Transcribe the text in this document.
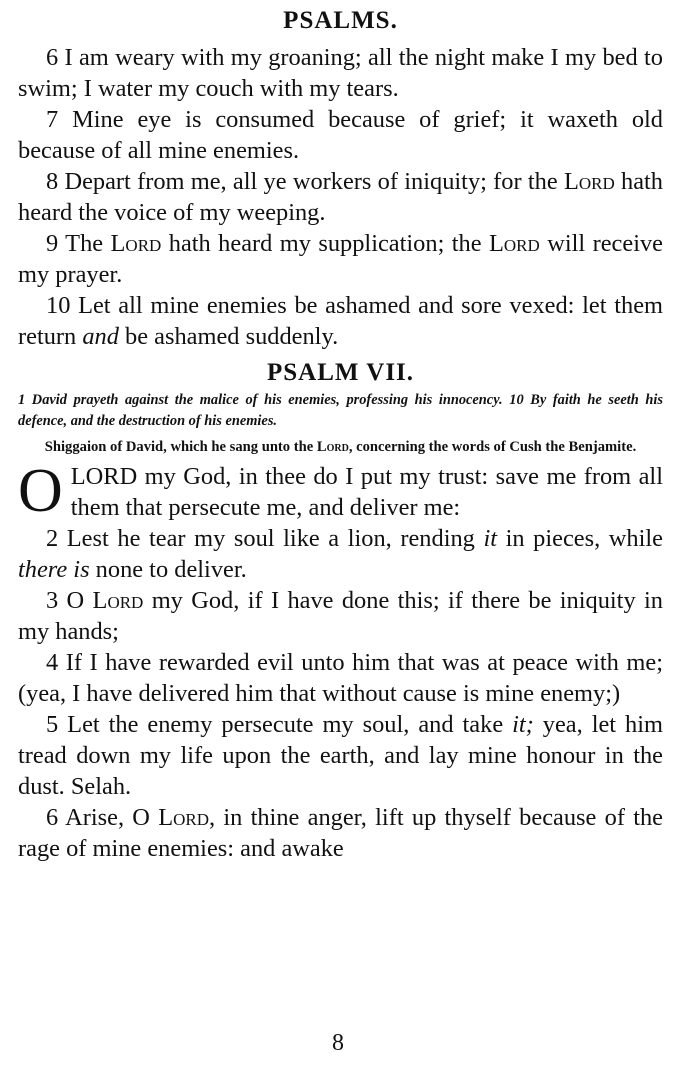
PSALMS.

6 I am weary with my groaning; all the night make I my bed to swim; I water my couch with my tears.

7 Mine eye is consumed because of grief; it waxeth old because of all mine enemies.

8 Depart from me, all ye workers of iniquity; for the Lord hath heard the voice of my weeping.

9 The Lord hath heard my supplication; the Lord will receive my prayer.

10 Let all mine enemies be ashamed and sore vexed: let them return and be ashamed suddenly.

PSALM VII.

1 David prayeth against the malice of his enemies, professing his innocency. 10 By faith he seeth his defence, and the destruction of his enemies.

Shiggaion of David, which he sang unto the Lord, concerning the words of Cush the Benjamite.

O LORD my God, in thee do I put my trust: save me from all them that persecute me, and deliver me:

2 Lest he tear my soul like a lion, rending it in pieces, while there is none to deliver.

3 O Lord my God, if I have done this; if there be iniquity in my hands;

4 If I have rewarded evil unto him that was at peace with me; (yea, I have delivered him that without cause is mine enemy;)

5 Let the enemy persecute my soul, and take it; yea, let him tread down my life upon the earth, and lay mine honour in the dust. Selah.

6 Arise, O Lord, in thine anger, lift up thyself because of the rage of mine enemies: and awake

8
